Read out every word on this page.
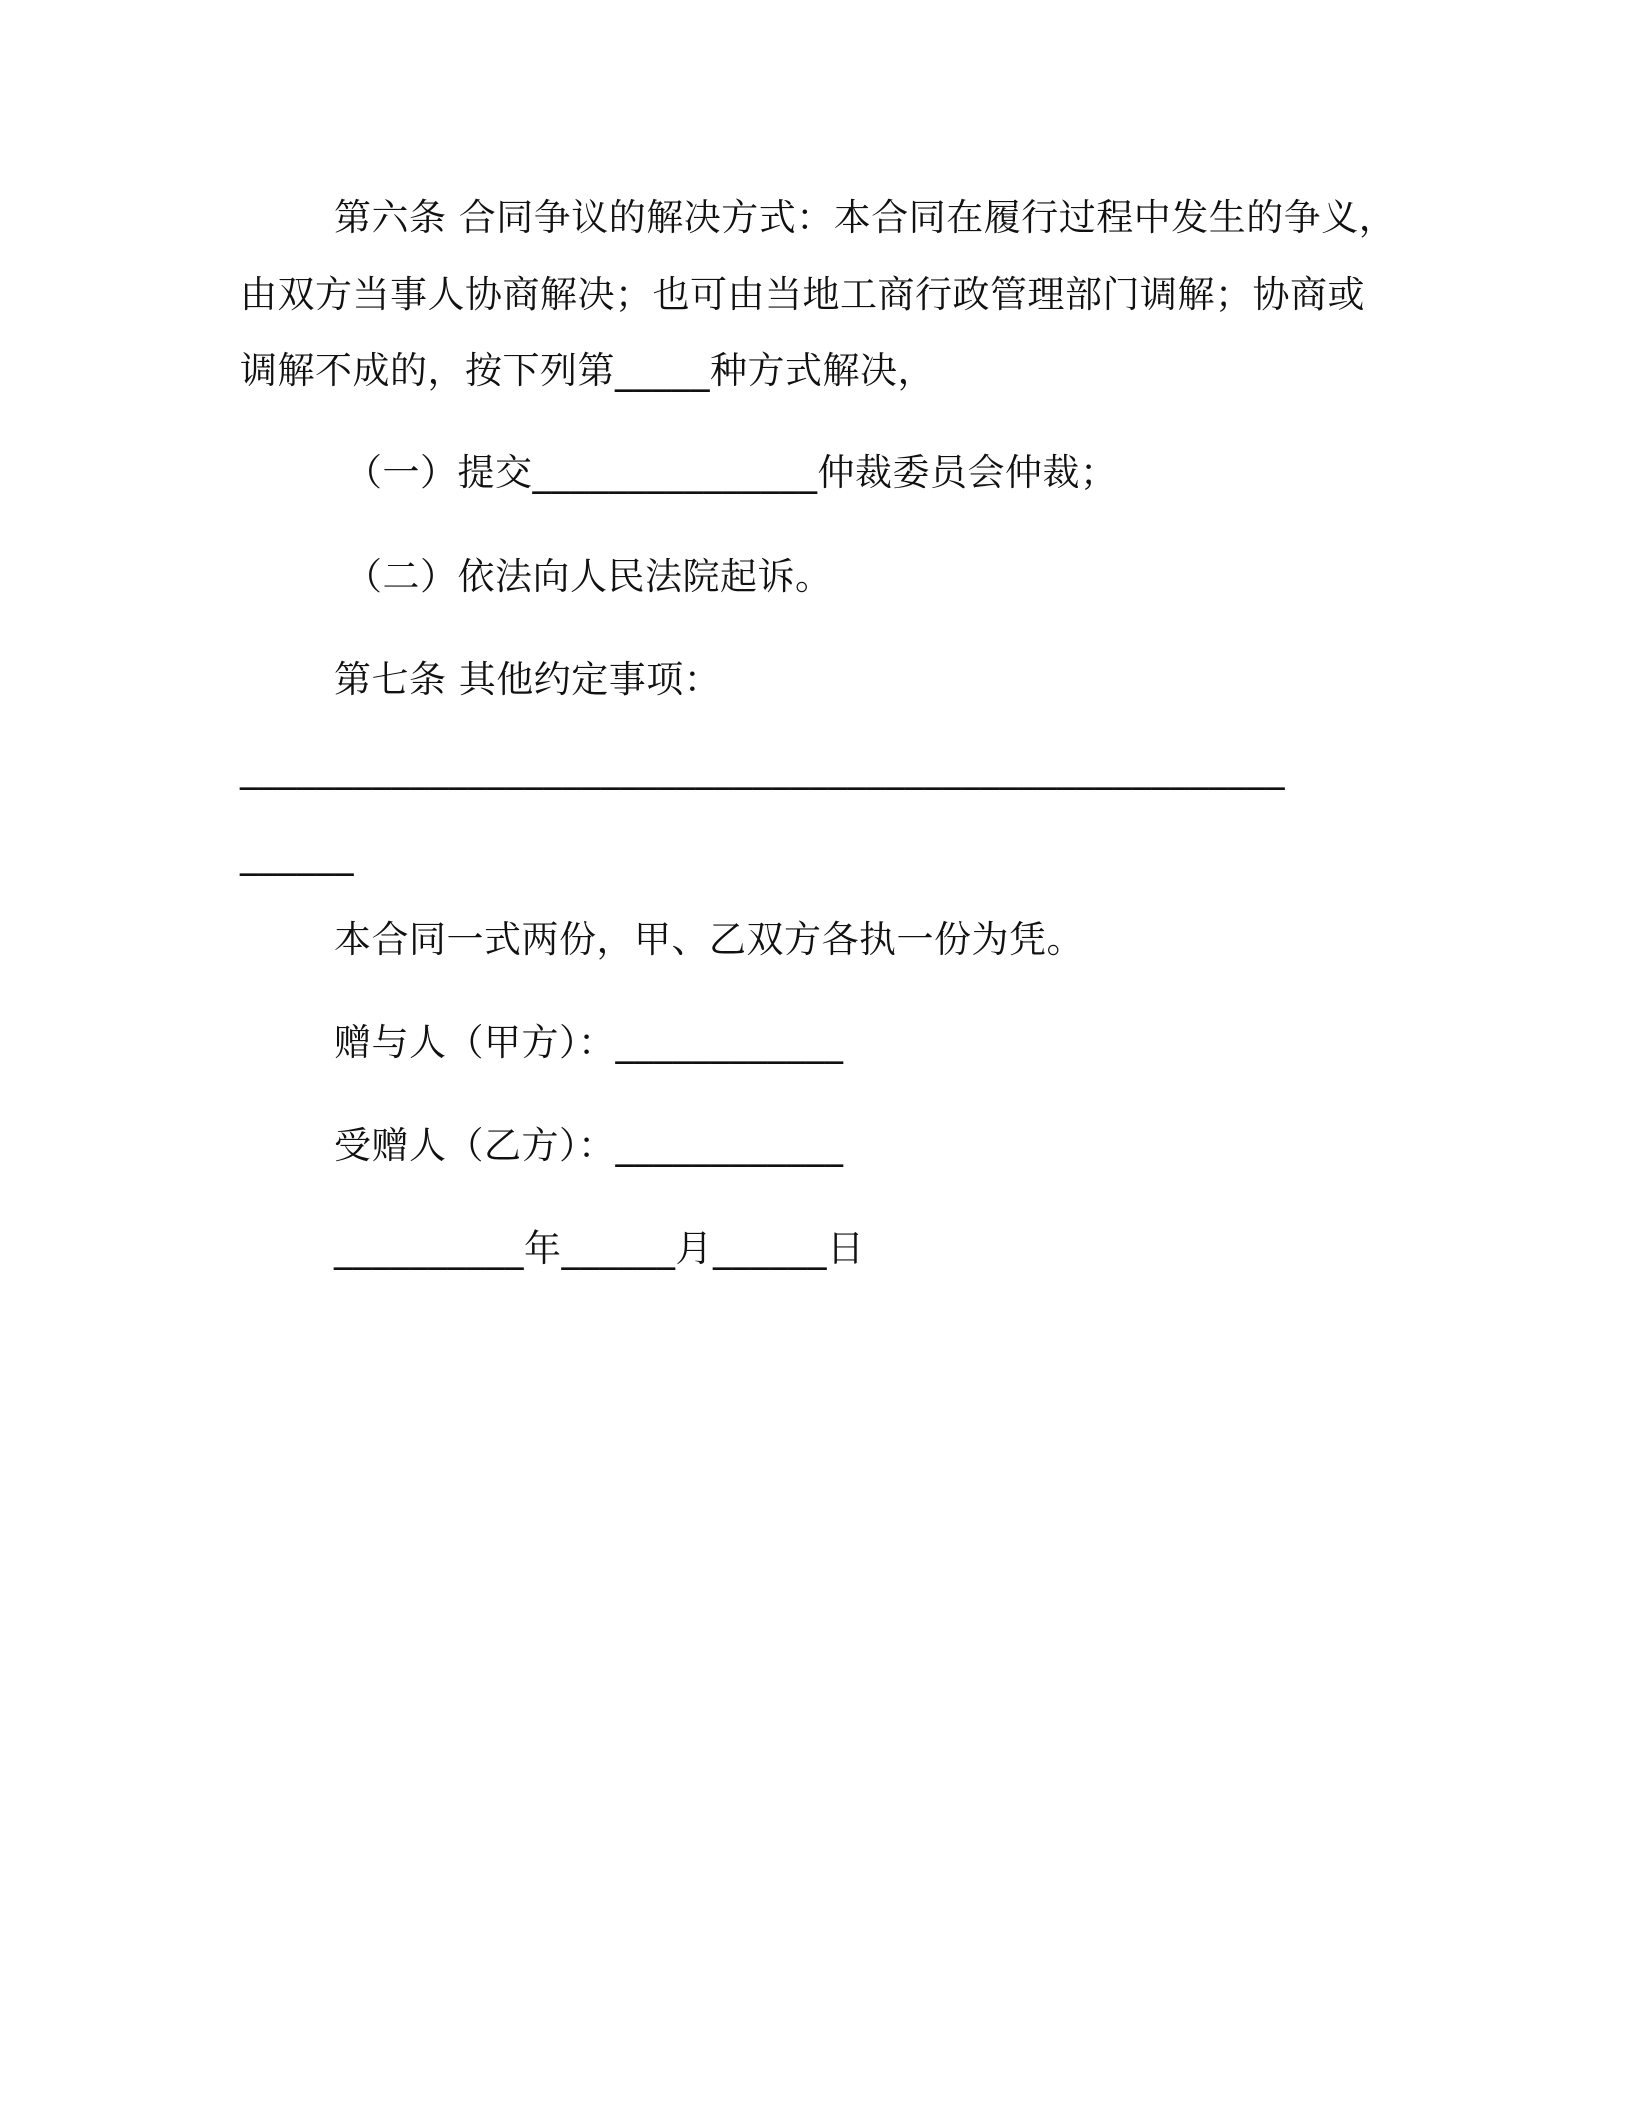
第六条 合同争议的解决方式：本合同在履行过程中发生的争义，
由双方当事人协商解决；也可由当地工商行政管理部门调解；协商或
调解不成的，按下列第_____种方式解决，
（一）提交_______________仲裁委员会仲裁；
（二）依法向人民法院起诉。
第七条 其他约定事项：
_______________________________________________________
______
本合同一式两份，甲、乙双方各执一份为凭。
赠与人（甲方）：____________
受赠人（乙方）：____________
__________年______月______日
